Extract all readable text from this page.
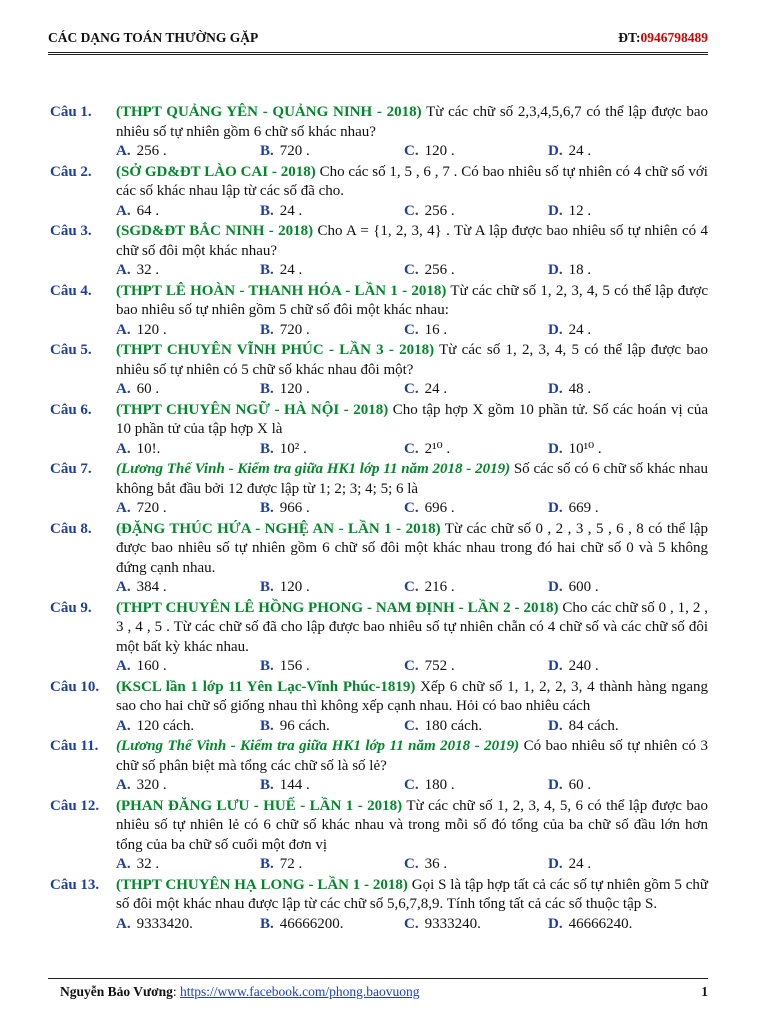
CÁC DẠNG TOÁN THƯỜNG GẶP	ĐT:0946798489
Câu 1.	(THPT QUẢNG YÊN - QUẢNG NINH - 2018) Từ các chữ số 2,3,4,5,6,7 có thể lập được bao nhiêu số tự nhiên gồm 6 chữ số khác nhau?
A. 256 .	B. 720 .	C. 120 .	D. 24 .
Câu 2.	(SỞ GD&ĐT LÀO CAI - 2018) Cho các số 1, 5 , 6 , 7 . Có bao nhiêu số tự nhiên có 4 chữ số với các số khác nhau lập từ các số đã cho.
A. 64 .	B. 24 .	C. 256 .	D. 12 .
Câu 3.	(SGD&ĐT BẮC NINH - 2018) Cho A = {1, 2, 3, 4} . Từ A lập được bao nhiêu số tự nhiên có 4 chữ số đôi một khác nhau?
A. 32 .	B. 24 .	C. 256 .	D. 18 .
Câu 4.	(THPT LÊ HOÀN - THANH HÓA - LẦN 1 - 2018) Từ các chữ số 1, 2, 3, 4, 5 có thể lập được bao nhiêu số tự nhiên gồm 5 chữ số đôi một khác nhau:
A. 120 .	B. 720 .	C. 16 .	D. 24 .
Câu 5.	(THPT CHUYÊN VĨNH PHÚC - LẦN 3 - 2018) Từ các số 1, 2, 3, 4, 5 có thể lập được bao nhiêu số tự nhiên có 5 chữ số khác nhau đôi một?
A. 60 .	B. 120 .	C. 24 .	D. 48 .
Câu 6.	(THPT CHUYÊN NGỮ - HÀ NỘI - 2018) Cho tập hợp X gồm 10 phần tử. Số các hoán vị của 10 phần tử của tập hợp X là
A. 10!.	B. 10² .	C. 2¹⁰ .	D. 10¹⁰ .
Câu 7.	(Lương Thế Vinh - Kiểm tra giữa HK1 lớp 11 năm 2018 - 2019) Số các số có 6 chữ số khác nhau không bắt đầu bởi 12 được lập từ 1; 2; 3; 4; 5; 6 là
A. 720 .	B. 966 .	C. 696 .	D. 669 .
Câu 8.	(ĐẶNG THÚC HỨA - NGHỆ AN - LẦN 1 - 2018) Từ các chữ số 0 , 2 , 3 , 5 , 6 , 8 có thể lập được bao nhiêu số tự nhiên gồm 6 chữ số đôi một khác nhau trong đó hai chữ số 0 và 5 không đứng cạnh nhau.
A. 384 .	B. 120 .	C. 216 .	D. 600 .
Câu 9.	(THPT CHUYÊN LÊ HỒNG PHONG - NAM ĐỊNH - LẦN 2 - 2018) Cho các chữ số 0 , 1, 2 , 3 , 4 , 5 . Từ các chữ số đã cho lập được bao nhiêu số tự nhiên chẵn có 4 chữ số và các chữ số đôi một bất kỳ khác nhau.
A. 160 .	B. 156 .	C. 752 .	D. 240 .
Câu 10.	(KSCL lần 1 lớp 11 Yên Lạc-Vĩnh Phúc-1819) Xếp 6 chữ số 1, 1, 2, 2, 3, 4 thành hàng ngang sao cho hai chữ số giống nhau thì không xếp cạnh nhau. Hỏi có bao nhiêu cách
A. 120 cách.	B. 96 cách.	C. 180 cách.	D. 84 cách.
Câu 11.	(Lương Thế Vinh - Kiểm tra giữa HK1 lớp 11 năm 2018 - 2019) Có bao nhiêu số tự nhiên có 3 chữ số phân biệt mà tổng các chữ số là số lẻ?
A. 320 .	B. 144 .	C. 180 .	D. 60 .
Câu 12.	(PHAN ĐĂNG LƯU - HUẾ - LẦN 1 - 2018) Từ các chữ số 1, 2, 3, 4, 5, 6 có thể lập được bao nhiêu số tự nhiên lẻ có 6 chữ số khác nhau và trong mỗi số đó tổng của ba chữ số đầu lớn hơn tổng của ba chữ số cuối một đơn vị
A. 32 .	B. 72 .	C. 36 .	D. 24 .
Câu 13.	(THPT CHUYÊN HẠ LONG - LẦN 1 - 2018) Gọi S là tập hợp tất cả các số tự nhiên gồm 5 chữ số đôi một khác nhau được lập từ các chữ số 5,6,7,8,9. Tính tổng tất cả các số thuộc tập S.
A. 9333420.	B. 46666200.	C. 9333240.	D. 46666240.
Nguyễn Bảo Vương: https://www.facebook.com/phong.baovuong	1
